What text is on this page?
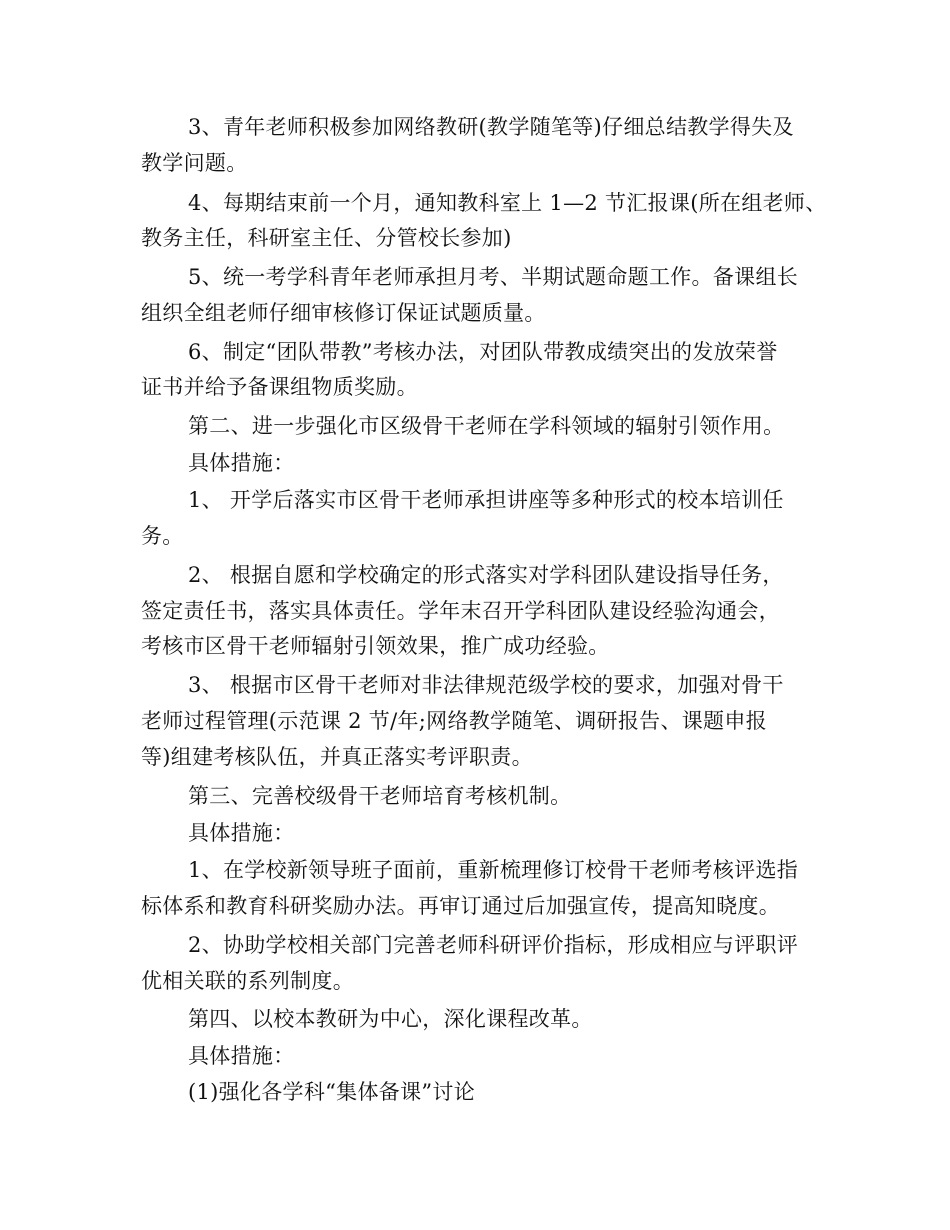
3、青年老师积极参加网络教研(教学随笔等)仔细总结教学得失及
教学问题。
4、每期结束前一个月，通知教科室上 1—2 节汇报课(所在组老师、
教务主任，科研室主任、分管校长参加)
5、统一考学科青年老师承担月考、半期试题命题工作。备课组长
组织全组老师仔细审核修订保证试题质量。
6、制定“团队带教”考核办法，对团队带教成绩突出的发放荣誉
证书并给予备课组物质奖励。
第二、进一步强化市区级骨干老师在学科领域的辐射引领作用。
具体措施：
1、 开学后落实市区骨干老师承担讲座等多种形式的校本培训任
务。
2、 根据自愿和学校确定的形式落实对学科团队建设指导任务，
签定责任书，落实具体责任。学年末召开学科团队建设经验沟通会，
考核市区骨干老师辐射引领效果，推广成功经验。
3、 根据市区骨干老师对非法律规范级学校的要求，加强对骨干
老师过程管理(示范课 2 节/年;网络教学随笔、调研报告、课题申报
等)组建考核队伍，并真正落实考评职责。
第三、完善校级骨干老师培育考核机制。
具体措施：
1、在学校新领导班子面前，重新梳理修订校骨干老师考核评选指
标体系和教育科研奖励办法。再审订通过后加强宣传，提高知晓度。
2、协助学校相关部门完善老师科研评价指标，形成相应与评职评
优相关联的系列制度。
第四、以校本教研为中心，深化课程改革。
具体措施：
(1)强化各学科“集体备课”讨论
